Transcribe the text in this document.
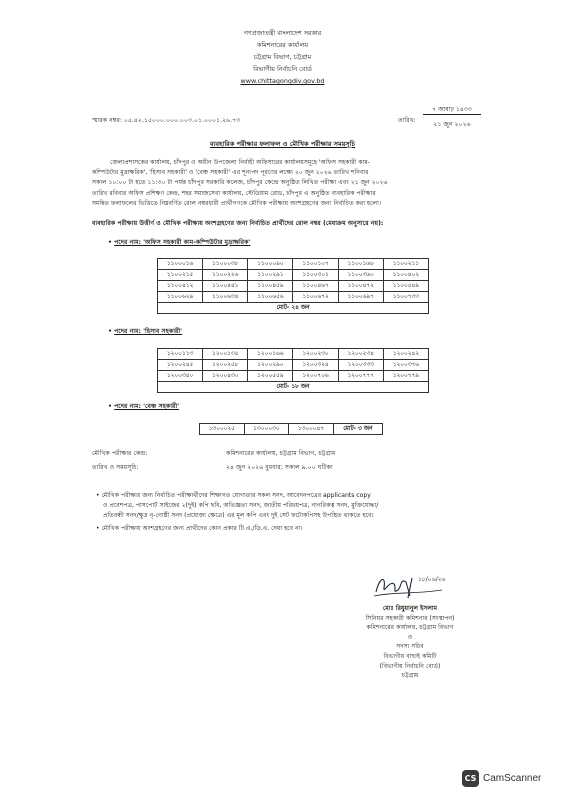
গণপ্রজাতন্ত্রী বাংলাদেশ সরকার
কমিশনারের কার্যালয়
চট্টগ্রাম বিভাগ, চট্টগ্রাম
বিভাগীয় নির্বাচনি বোর্ড
www.chittagongdiv.gov.bd
স্মারক নম্বর: ০৫.৪২.১৫০০০.০০০.০০৩.০১.০০০১.২৬.৭৩	তারিখ:
৭ আষাঢ় ১৪৩৩
২১ জুন ২০২৬
ব্যবহারিক পরীক্ষার ফলাফল ও মৌখিক পরীক্ষার সময়সূচি
জেলাপ্রশাসকের কার্যালয়, চাঁদপুর ও অধীন উপজেলা নির্বাহী অফিসারের কার্যালয়সমূহে 'অফিস সহকারী কাম-
কম্পিউটার মুদ্রাক্ষরিক', 'হিসাব সহকারী' ও 'বেঞ্চ সহকারী' এর শূন্যপদ পূরণের লক্ষ্যে ২০ জুন ২০২৬ তারিখ শনিবার
সকাল ১০:০০ টা হতে ১১:৩০ টা পর্যন্ত চাঁদপুর সরকারি কলেজ, চাঁদপুর কেন্দ্রে অনুষ্ঠিত লিখিত পরীক্ষা এবং ২১ জুন ২০২৬
তারিখ রবিবার অফিস প্রশিক্ষণ কেন্দ্র, শহর সমাজসেবা কার্যালয়, স্টেডিয়াম রোড, চাঁদপুর এ অনুষ্ঠিত ব্যবহারিক পরীক্ষার
সমন্বিত ফলাফলের ভিত্তিতে নিম্নবর্ণিত রোল নম্বরধারী প্রার্থীগণকে মৌখিক পরীক্ষায় অংশগ্রহণের জন্য নির্বাচিত করা হলো।
ব্যবহারিক পরীক্ষায় উত্তীর্ণ ও মৌখিক পরীক্ষায় অংশগ্রহণের জন্য নির্বাচিত প্রার্থীদের রোল নম্বর (মেধাক্রম অনুসারে নয়):
• পদের নাম: 'অফিস সহকারী কাম-কম্পিউটার মুদ্রাক্ষরিক'
১১০০০১৬	১১০০০৩৮	১১০০০৯০	১১০০১০৭	১১০০১৬৮	১১০০২১১
১১০০২১৫	১১০০২২৬	১১০০২৯১	১১০০৩০১	১১০০৩৬০	১১০০৪০২
১১০০৪১২	১১০০৪৪১	১১০০৪৫৯	১১০০৪৬৭	১১০০৪৭২	১১০০৫৪৯
১১০০৬২৯	১১০০৬৩৪	১১০০৬৫৬	১১০০৬৭২	১১০০৬৯৭	১১০০৭৩৩
মোট- ২৪ জন					
• পদের নাম: 'হিসাব সহকারী'
১২০০১১৩	১২০০১৩৫	১২০০১৬৬	১২০০২৩০	১২০০২৩৪	১২০০২৪২
১২০০২৪৫	১২০০২৫৮	১২০০২৯০	১২০০৩২৪	১২০০৩৩৩	১২০০৩৭৬
১২০০৩৪০	১২০০৪৩০	১২০০৫৫৯	১২০০৭০৬	১২০০৭৭৭	১২০০৭৭৯
মোট- ১৮ জন					
• পদের নাম: 'বেঞ্চ সহকারী'
১৩০০০২৫	১৩০০০৩০	১৩০০০৪৭	মোট- ৩ জন
মৌখিক পরীক্ষার কেন্দ্র:	কমিশনারের কার্যালয়, চট্টগ্রাম বিভাগ, চট্টগ্রাম
তারিখ ও সময়সূচি:	২৪ জুন ২০২৬ বুধবার; সকাল ৯.০০ ঘটিকা
• মৌখিক পরীক্ষার জন্য নির্বাচিত পরীক্ষার্থীদের শিক্ষাগত যোগ্যতার সকল সনদ, আবেদনপত্রের applicants copy
ও প্রবেশপত্র, পাসপোর্ট সাইজের ২(দুই) কপি ছবি, অভিজ্ঞতা সনদ, জাতীয় পরিচয়পত্র, নাগরিকত্ব সনদ, মুক্তিযোদ্ধা/
প্রতিবন্ধী সনদ/ক্ষুদ্র নৃ-গোষ্ঠী সনদ (প্রযোজ্য ক্ষেত্রে) এর মূল কপি এবং দুই সেট ফটোকপিসহ উপস্থিত থাকতে হবে।
• মৌখিক পরীক্ষায় অংশগ্রহণের জন্য প্রার্থীদের কোন প্রকার টি.এ./ডি.এ. দেয়া হবে না।
১৮/০৬/২৬
মোঃ রিযুয়ানুল ইসলাম
সিনিয়র সহকারী কমিশনার (সংস্থাপন)
কমিশনারের কার্যালয়, চট্টগ্রাম বিভাগ
ও
সদস্য সচিব
বিভাগীয় বাছাই কমিটি
(বিভাগীয় নির্বাচনি বোর্ড)
চট্টগ্রাম
CS CamScanner
